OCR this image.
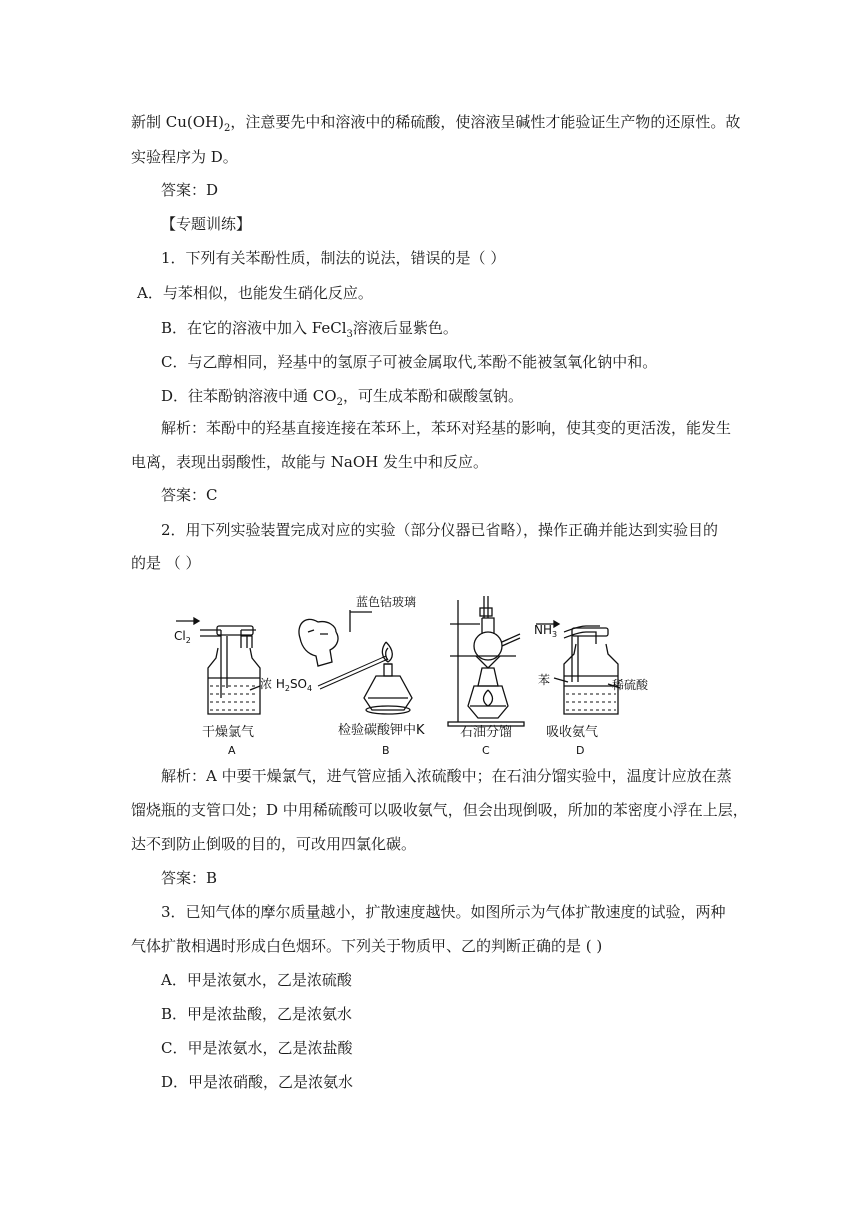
新制 $Cu(OH)_2$，注意要先中和溶液中的稀硫酸，使溶液呈碱性才能验证生产物的还原性。故
实验程序为 D。
答案：D
【专题训练】
1．下列有关苯酚性质，制法的说法，错误的是（ ）
A．与苯相似，也能发生硝化反应。
B．在它的溶液中加入 FeCl$_3$溶液后显紫色。
C．与乙醇相同，羟基中的氢原子可被金属取代,苯酚不能被氢氧化钠中和。
D．往苯酚钠溶液中通 $CO_2$，可生成苯酚和碳酸氢钠。
解析：苯酚中的羟基直接连接在苯环上，苯环对羟基的影响，使其变的更活泼，能发生
电离，表现出弱酸性，故能与 NaOH 发生中和反应。
答案：C
2．用下列实验装置完成对应的实验（部分仪器已省略），操作正确并能达到实验目的
的是 （ ）
$Cl_2$
浓 $H_2SO_4$
蓝色钴玻璃
$NH_3$
苯	稀硫酸
干燥氯气
A
检验碳酸钾中K
B
石油分馏
C
吸收氨气
D
解析：A 中要干燥氯气，进气管应插入浓硫酸中；在石油分馏实验中，温度计应放在蒸
馏烧瓶的支管口处；D 中用稀硫酸可以吸收氨气，但会出现倒吸，所加的苯密度小浮在上层，
达不到防止倒吸的目的，可改用四氯化碳。
答案：B
3．已知气体的摩尔质量越小，扩散速度越快。如图所示为气体扩散速度的试验，两种
气体扩散相遇时形成白色烟环。下列关于物质甲、乙的判断正确的是 ( )
A．甲是浓氨水，乙是浓硫酸
B．甲是浓盐酸，乙是浓氨水
C．甲是浓氨水，乙是浓盐酸
D．甲是浓硝酸，乙是浓氨水
